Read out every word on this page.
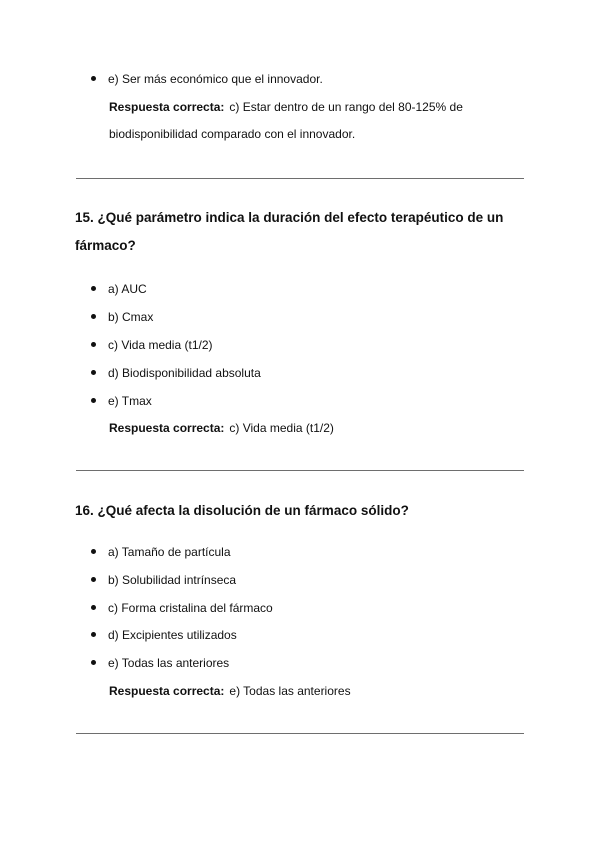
e) Ser más económico que el innovador.
Respuesta correcta: c) Estar dentro de un rango del 80-125% de
biodisponibilidad comparado con el innovador.
15. ¿Qué parámetro indica la duración del efecto terapéutico de un
fármaco?
a) AUC
b) Cmax
c) Vida media (t1/2)
d) Biodisponibilidad absoluta
e) Tmax
Respuesta correcta: c) Vida media (t1/2)
16. ¿Qué afecta la disolución de un fármaco sólido?
a) Tamaño de partícula
b) Solubilidad intrínseca
c) Forma cristalina del fármaco
d) Excipientes utilizados
e) Todas las anteriores
Respuesta correcta: e) Todas las anteriores
